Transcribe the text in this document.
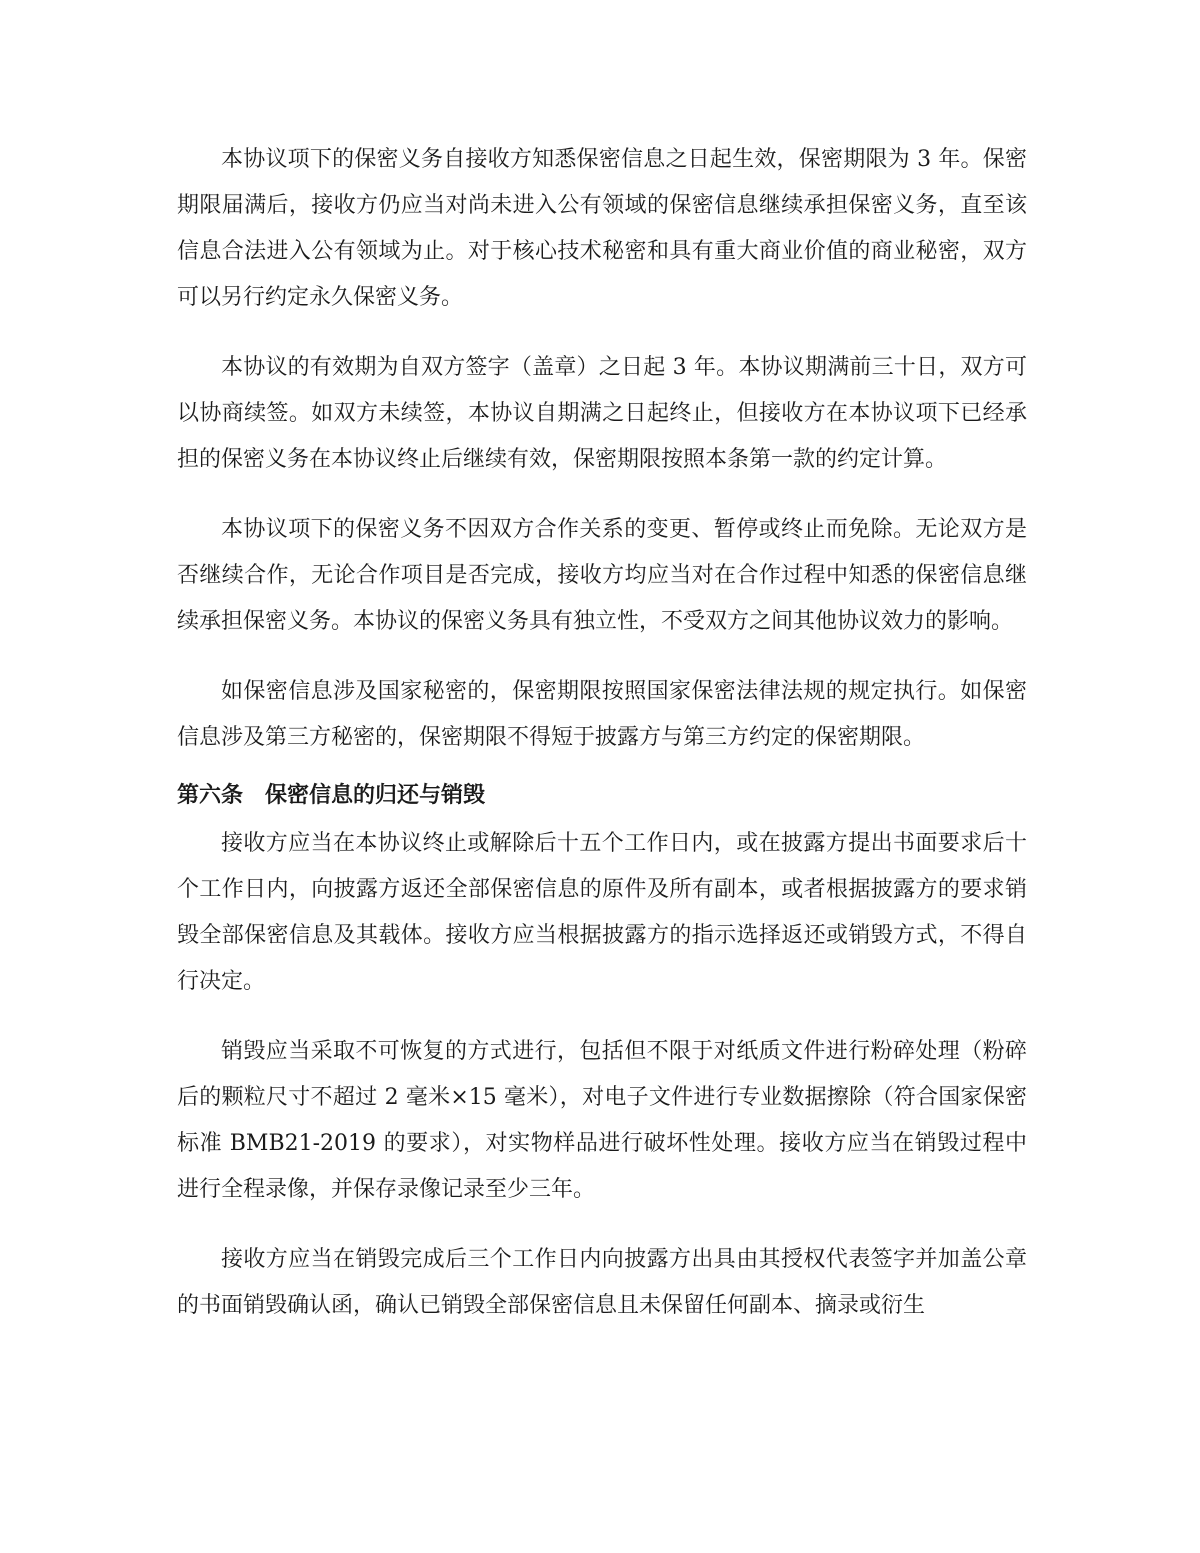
本协议项下的保密义务自接收方知悉保密信息之日起生效，保密期限为 3 年。保密期限届满后，接收方仍应当对尚未进入公有领域的保密信息继续承担保密义务，直至该信息合法进入公有领域为止。对于核心技术秘密和具有重大商业价值的商业秘密，双方可以另行约定永久保密义务。

本协议的有效期为自双方签字（盖章）之日起 3 年。本协议期满前三十日，双方可以协商续签。如双方未续签，本协议自期满之日起终止，但接收方在本协议项下已经承担的保密义务在本协议终止后继续有效，保密期限按照本条第一款的约定计算。

本协议项下的保密义务不因双方合作关系的变更、暂停或终止而免除。无论双方是否继续合作，无论合作项目是否完成，接收方均应当对在合作过程中知悉的保密信息继续承担保密义务。本协议的保密义务具有独立性，不受双方之间其他协议效力的影响。

如保密信息涉及国家秘密的，保密期限按照国家保密法律法规的规定执行。如保密信息涉及第三方秘密的，保密期限不得短于披露方与第三方约定的保密期限。

第六条 保密信息的归还与销毁

接收方应当在本协议终止或解除后十五个工作日内，或在披露方提出书面要求后十个工作日内，向披露方返还全部保密信息的原件及所有副本，或者根据披露方的要求销毁全部保密信息及其载体。接收方应当根据披露方的指示选择返还或销毁方式，不得自行决定。

销毁应当采取不可恢复的方式进行，包括但不限于对纸质文件进行粉碎处理（粉碎后的颗粒尺寸不超过 2 毫米×15 毫米），对电子文件进行专业数据擦除（符合国家保密标准 BMB21-2019 的要求），对实物样品进行破坏性处理。接收方应当在销毁过程中进行全程录像，并保存录像记录至少三年。

接收方应当在销毁完成后三个工作日内向披露方出具由其授权代表签字并加盖公章的书面销毁确认函，确认已销毁全部保密信息且未保留任何副本、摘录或衍生
